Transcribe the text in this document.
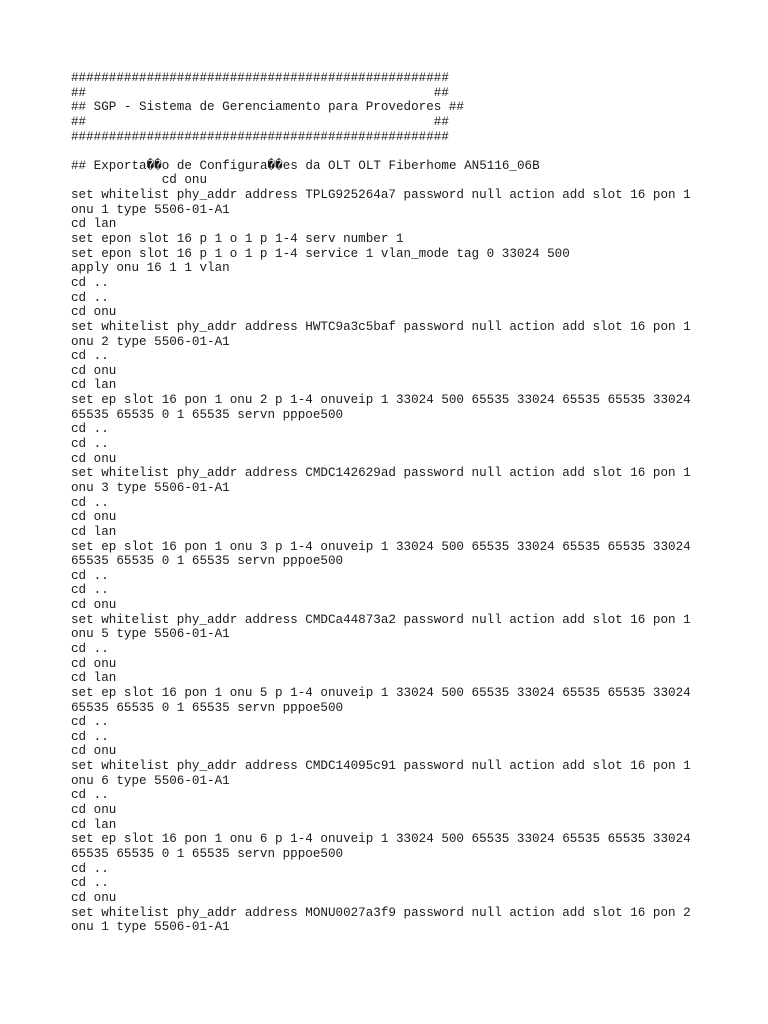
##################################################
##                                              ##
## SGP - Sistema de Gerenciamento para Provedores ##
##                                              ##
##################################################
## Exporta��o de Configura��es da OLT OLT Fiberhome AN5116_06B
cd onu
set whitelist phy_addr address TPLG925264a7 password null action add slot 16 pon 1
onu 1 type 5506-01-A1
cd lan
set epon slot 16 p 1 o 1 p 1-4 serv number 1
set epon slot 16 p 1 o 1 p 1-4 service 1 vlan_mode tag 0 33024 500
apply onu 16 1 1 vlan
cd ..
cd ..
cd onu
set whitelist phy_addr address HWTC9a3c5baf password null action add slot 16 pon 1
onu 2 type 5506-01-A1
cd ..
cd onu
cd lan
set ep slot 16 pon 1 onu 2 p 1-4 onuveip 1 33024 500 65535 33024 65535 65535 33024
65535 65535 0 1 65535 servn pppoe500
cd ..
cd ..
cd onu
set whitelist phy_addr address CMDC142629ad password null action add slot 16 pon 1
onu 3 type 5506-01-A1
cd ..
cd onu
cd lan
set ep slot 16 pon 1 onu 3 p 1-4 onuveip 1 33024 500 65535 33024 65535 65535 33024
65535 65535 0 1 65535 servn pppoe500
cd ..
cd ..
cd onu
set whitelist phy_addr address CMDCa44873a2 password null action add slot 16 pon 1
onu 5 type 5506-01-A1
cd ..
cd onu
cd lan
set ep slot 16 pon 1 onu 5 p 1-4 onuveip 1 33024 500 65535 33024 65535 65535 33024
65535 65535 0 1 65535 servn pppoe500
cd ..
cd ..
cd onu
set whitelist phy_addr address CMDC14095c91 password null action add slot 16 pon 1
onu 6 type 5506-01-A1
cd ..
cd onu
cd lan
set ep slot 16 pon 1 onu 6 p 1-4 onuveip 1 33024 500 65535 33024 65535 65535 33024
65535 65535 0 1 65535 servn pppoe500
cd ..
cd ..
cd onu
set whitelist phy_addr address MONU0027a3f9 password null action add slot 16 pon 2
onu 1 type 5506-01-A1
